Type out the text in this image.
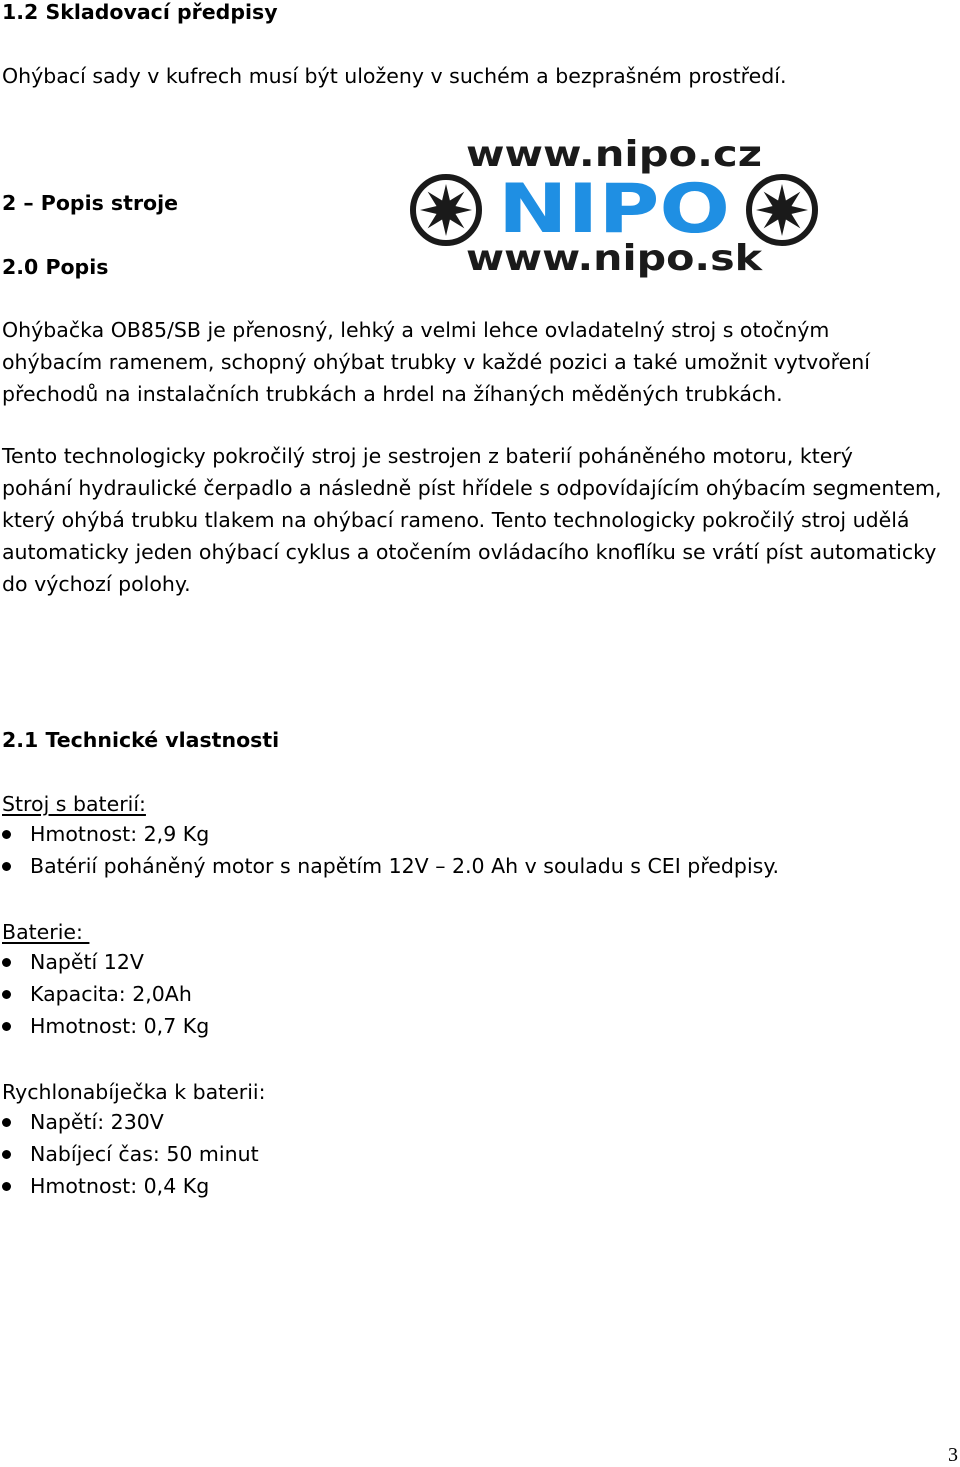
1.2 Skladovací předpisy
Ohýbací sady v kufrech musí být uloženy v suchém a bezprašném prostředí.
www.nipo.cz
NIPO
www.nipo.sk
2 – Popis stroje
2.0 Popis
Ohýbačka OB85/SB je přenosný, lehký a velmi lehce ovladatelný stroj s otočným
ohýbacím ramenem, schopný ohýbat trubky v každé pozici a také umožnit vytvoření
přechodů na instalačních trubkách a hrdel na žíhaných měděných trubkách.
Tento technologicky pokročilý stroj je sestrojen z baterií poháněného motoru, který
pohání hydraulické čerpadlo a následně píst hřídele s odpovídajícím ohýbacím segmentem,
který ohýbá trubku tlakem na ohýbací rameno. Tento technologicky pokročilý stroj udělá
automaticky jeden ohýbací cyklus a otočením ovládacího knoflíku se vrátí píst automaticky
do výchozí polohy.
2.1 Technické vlastnosti
Stroj s baterií:
Hmotnost: 2,9 Kg
Batérií poháněný motor s napětím 12V – 2.0 Ah v souladu s CEI předpisy.
Baterie:
Napětí 12V
Kapacita: 2,0Ah
Hmotnost: 0,7 Kg
Rychlonabíječka k baterii:
Napětí: 230V
Nabíjecí čas: 50 minut
Hmotnost: 0,4 Kg
3
